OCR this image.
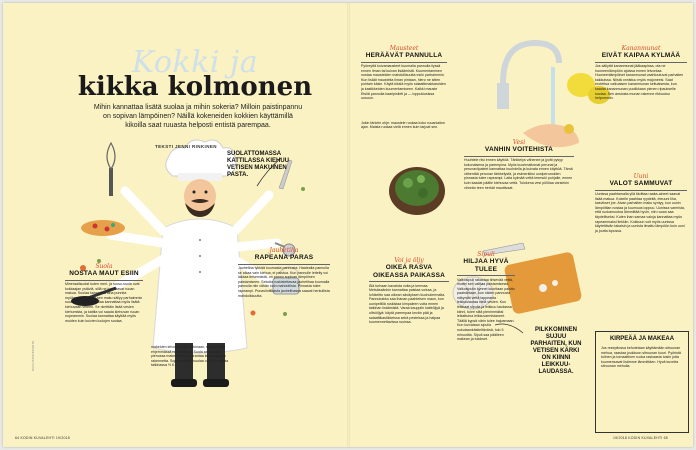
Kokki ja
kikka kolmonen
Mihin kannattaa lisätä suolaa ja mihin sokeria? Milloin paistinpannu on sopivan lämpöinen? Näillä kokeneiden kokkien käyttämillä kikoilla saat ruuasta helposti entistä parempaa.
TEKSTI JENNI RINKINEN
SUOLATTOMASSA KATTILASSA KIEHUU VETISEN MAKUINEN PASTA.
Suola
NOSTAA MAUT ESIIN
Mineraalisuolat kuten meri- ja ruusu-suola ovat kokkaajan ystäviä, sillä ne korostavat ruuan makua. Suolaa kannattaa aina punnita myöhemmin, koska sen maku säilyy parhaimmin suolaa lisätessä. Suolaa kannattaa myös lisätä kiehuvaan veteen. Se nimittäin lisää vesien kiehumista, ja kattila voi saada kiehuvan ruuan nopeammin. Suolaa kannattaa käyttää myös muiden kuin kuivien luulojen suolaa.
makeiden leivonnaisten taikinaan, sokerin sillä ehjemmässä nuttaisikaan. Suola antaa voita pienussa makeudelle ja parantaa leivonnaisten rakennetta. Sopiva määrä suolaa on ½ tl. suolaa taikinassa ½ tl.
Jauhetiha
RAPEANA PARAS
Jauhetiha tykkää kuumasta pannusta. Haalealla pannulla se alkaa vain kiehua, ei paistua. Kun pannulle lettelty voi lakkaa tirisemästä, on pannu sopivan lämpöinen paistamiseen. Sekoita ruskistettavaa jauhetihaa kuumalla pannulla niin vähän kuin mahdollista. Pinnasta tulee rapeampi. Punaviinitikasta jauhelihassa saavat herkullista mahdoikkuutta.
Mausteet
HERÄÄVÄT PANNULLA
Pyöreyttä kuivamausteet kuumalla pannulla ilyssä ennen ilman tai kuivan lisäämistä. Kuumentaminen nostaa mausteiden mahdollisuutta esiin parhaimmin. Kun lisäät mausteita ilman pintaan, hiero ne sitten puhtain käsin. Käytä kiksiä myös salaattimakkaroiden ja kastikkeiden kuumentamiseen. Kaikki mauste Etsiiä pannulla kaaripisileti ja — loppukiusissa uusuun.
Jokin tärkein ohje: maustele ruokaa koko ruuanlaiton ajan. Maista ruokaa vielä ennen kuin tarjoat sen.
Vesi
VANHIN VOITEHISTA
Huuhtele riisi ennen käyttöä. Tärkkelys vähenee ja jyvät pysyy kokonaisena ja parempina. Myös kuorimattomat perunat ja perunaviipaleet kannattaa huuhdella ja kuivata ennen käyttöä. Tämä vähentää perunan tärkkelystä, ja esimerkiksi uuniperunoiden pinnasta tulee rapeampi. Laita kylmää vettä teemuki pohjalle, ennen kuin kaadat päälle kiehuvaa vettä. Tulokena vesi pöllöaa varsinkin vihreän teen herkät mauttivaat.
Voi ja öljy
OIKEA RASVA OIKEASSA PAIKASSA
Älä turhaan kavahda voita ja kermaa. Metsässänkin kannattaa paistaa voissa, ja lohikeitto saa oikean säväyksen kuohukermalta. Pannukakku saa ihanan paahteisen maun, kun uunipellillä ruskistaa kimpaleen voita ennen taikinan lisäämistä. Varaa kauppiin kaiteöljyä ja oliiviöljyä: käytä parempaa kevän pää ja salaattikastikkeissa sekä pesteissa ja halpaa kuumennettavissa ruuissa.
Sipuli
HILJAA HYVÄ TULEE
Valkosipuli rakastaa tirisevää vettä, muttei sen valttaa paistamisesta. Valkosipulin kynnet kuoritaan paistin paahdetaan, kun niiden pannusta näkymät vettä lappeasta leikkuulautaa vielä vesien. Kun leikkaat sipulia ja leikkuu laudassa kiinni, tulee siitä pienimmäksi leikattuina leikkuvarmistaneet. Täällä kypsä värin tulee hajoamaan. Kun kuivataan sipulia nukutaankäsiteltävänä, tulo 5 minuuttia. Sipuli saa päälleen makean ja tulokset.
Kananmunat
EIVÄT KAIPAA KYLMÄÄ
Jos säilytät kananmunat jääkaapissa, ota ne huoneenlämpöön ajoissa ennen leivontaa. Huoneenlämpöiset kananmunat vaahtoutuvat parhaiten kakkuissa. Niistä onnistuu myös majoneesi. Saat erotettua valkuaisen kananmunan keltuaisesta, kun kaadat kananmunan puolikkaan pienen ripaukselle suolaa. Sen ansiosta munan rakenne rikkoutuu helpommin.
Uuni
VALOT SAMMUVAT
Uunissa paahtamalla yllä tävittaa raaka-aineet saavat lisää makua. Kokeile paahtaa ryydeitä, eteuuni liha, kasvikset jne. Aivan parhaiten maku syntyy, kun uunin lämpötilan nostaa ja kuumuus loppuu. Uunissa varmista, että ruokamuotoa lämmittää hyvin, niin ruoan saa täydelliseksi. Kuten ihan samaa valoja kannattaa myös rapeammaksi liekkiin. Kokkuun voit myös uunissa käytettävän takaisin ja uunista ilmattu lämpöön kuin uuni ja joutta lopussa.
PILKKOMINEN SUJUU PARHAITEN, KUN VETISEN KÄRKI ON KIINNI LEIKKUU-LAUDASSA.
KIRPEÄÄ JA MAKEAA
Jos resepitossa kehotetaan käyttämään sitruunan mehua, raastaa joukkoon sitruunan kuori. Pyöristä tulinen ja tomaattinen ruoka raskaasta tosiin jotta kuumensavat lisämme lämmittäen. Hyvä kuvetta sitruunan mehulla.
64 KODIN KUVALEHTI 19/2018	19/2018 KODIN KUVALEHTI 65
KUVA ISTOCKPHOTO
